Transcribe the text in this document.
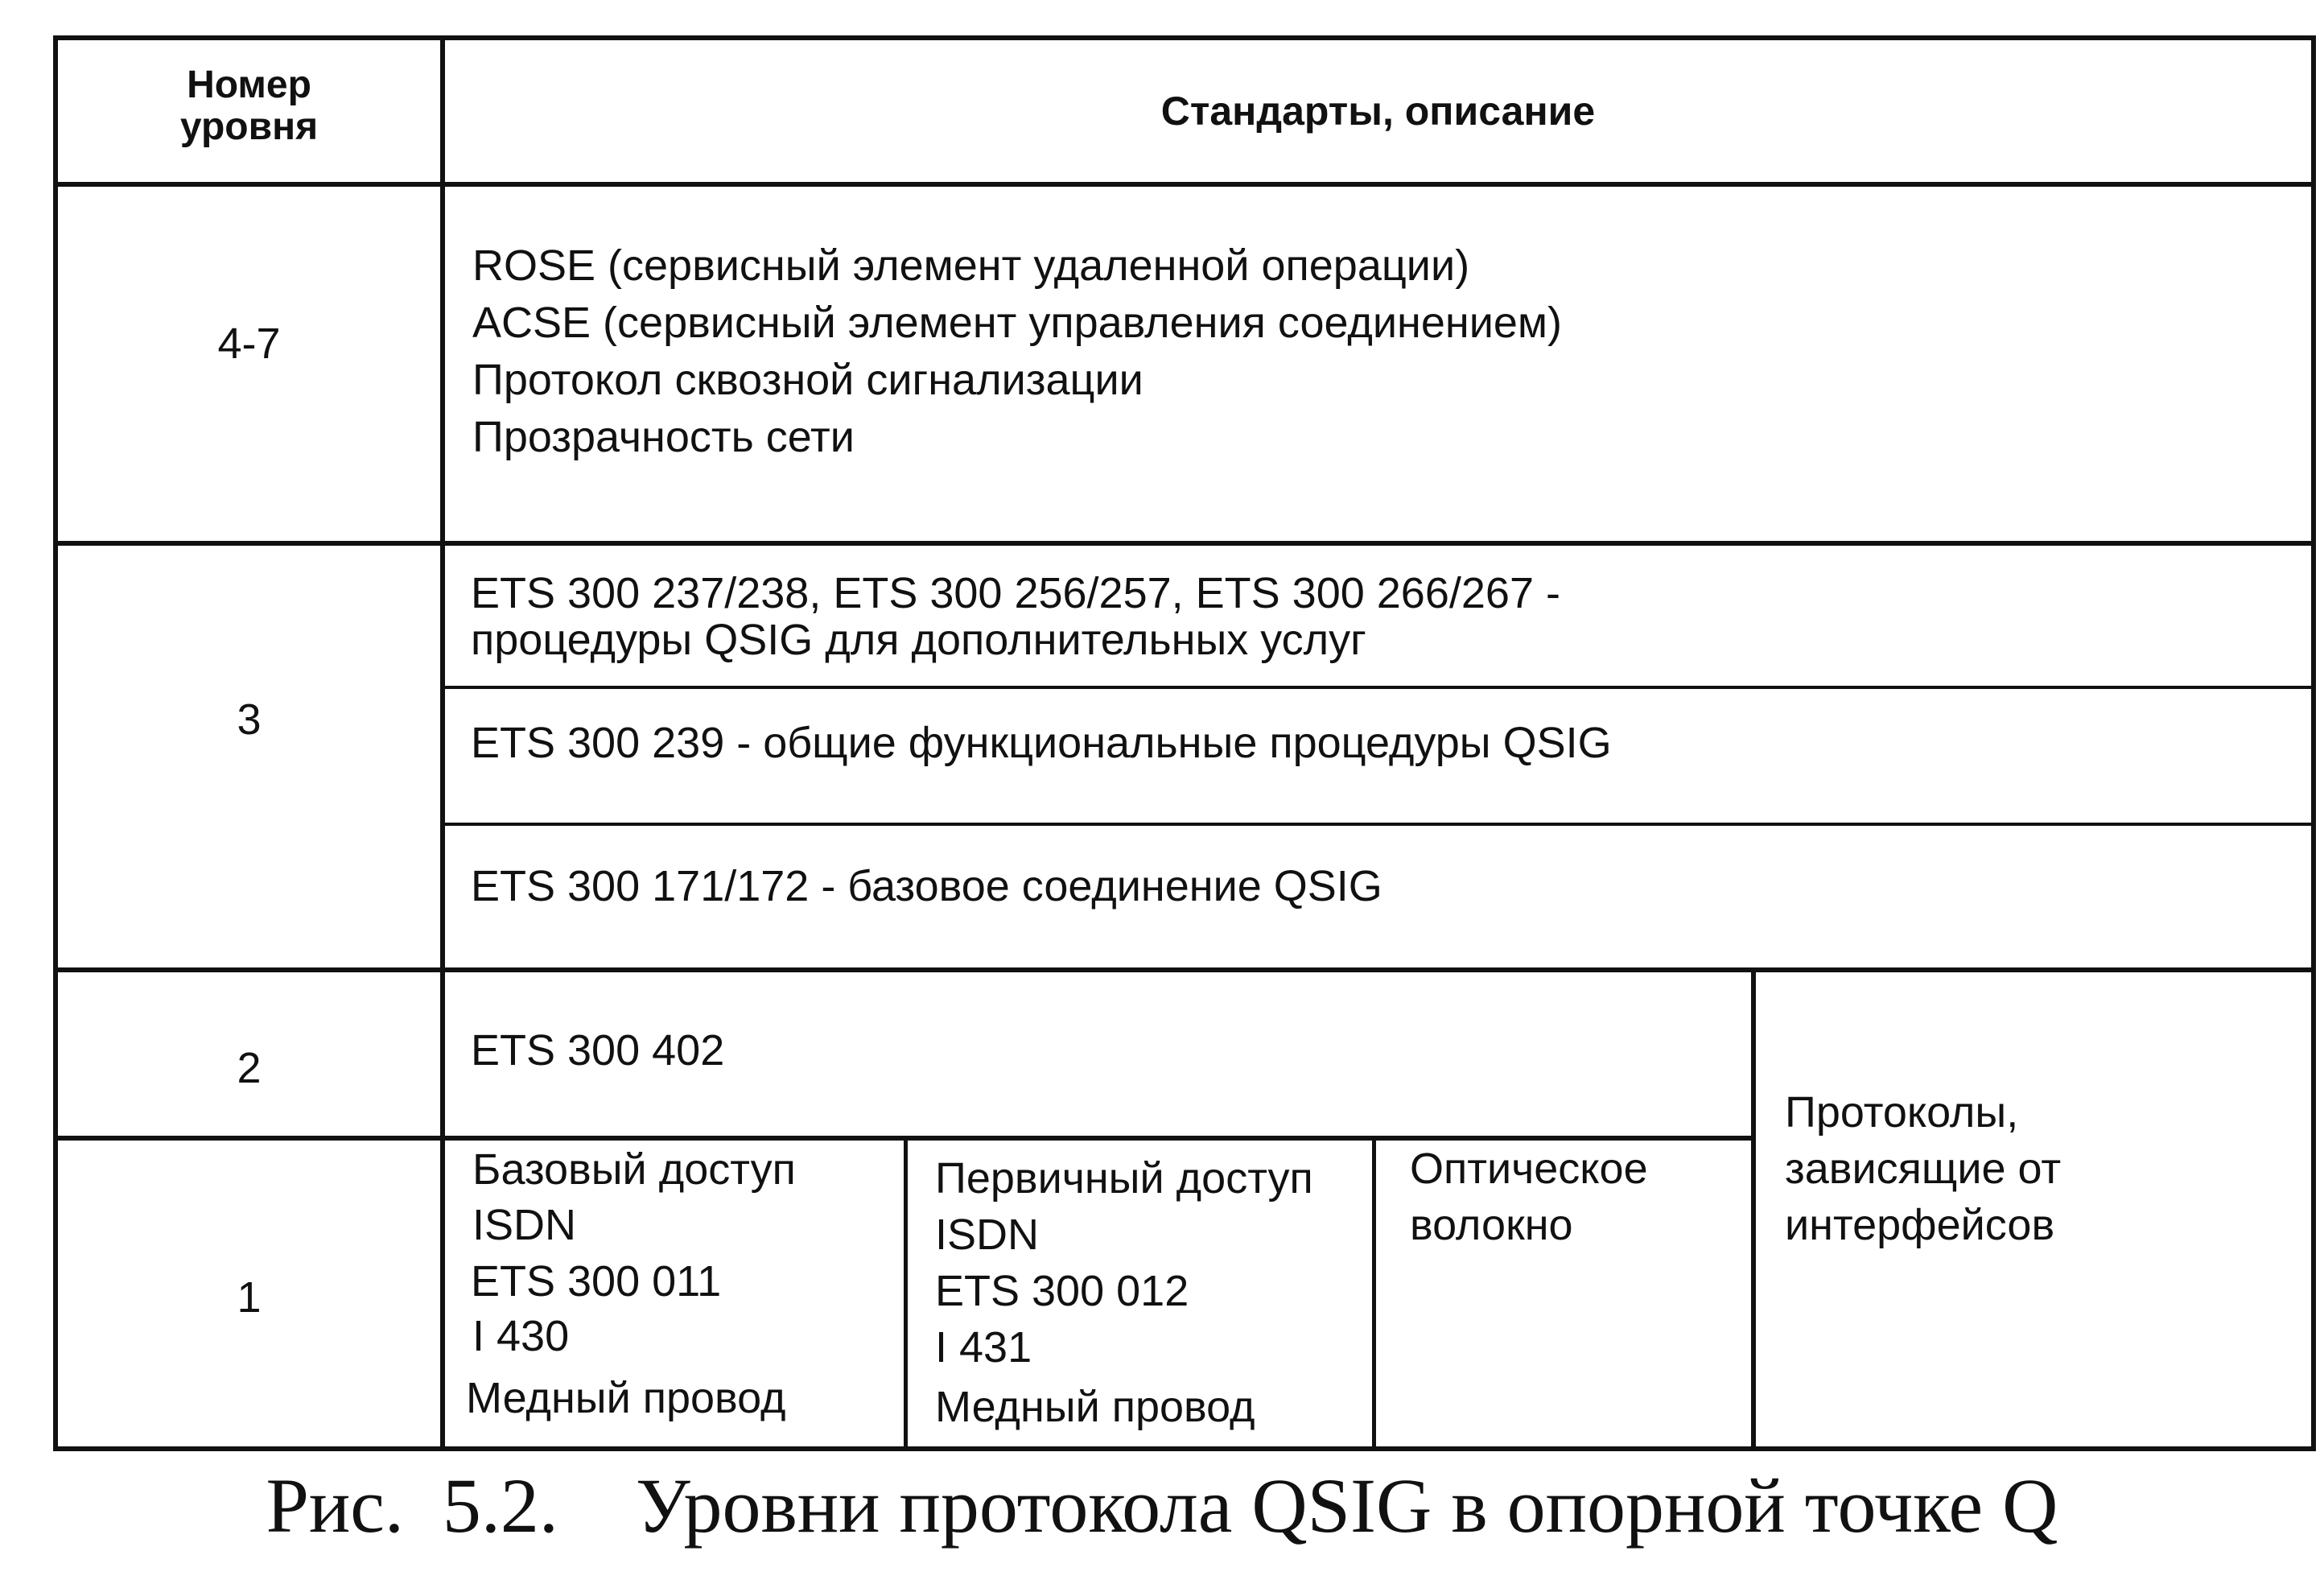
Номер
уровня	Стандарты, описание
4-7
ROSE (сервисный элемент удаленной операции)
ACSE (сервисный элемент управления соединением)
Протокол сквозной сигнализации
Прозрачность сети
3
ETS 300 237/238, ETS 300 256/257, ETS 300 266/267 -
процедуры QSIG для дополнительных услуг
ETS 300 239 - общие функциональные процедуры QSIG
ETS 300 171/172 - базовое соединение QSIG
2	ETS 300 402
1
Базовый доступ
ISDN
ETS 300 011
I 430
Медный провод
Первичный доступ
ISDN
ETS 300 012
I 431
Медный провод
Оптическое
волокно
Протоколы,
зависящие от
интерфейсов
Рис.  5.2.    Уровни протокола QSIG в опорной точке Q
